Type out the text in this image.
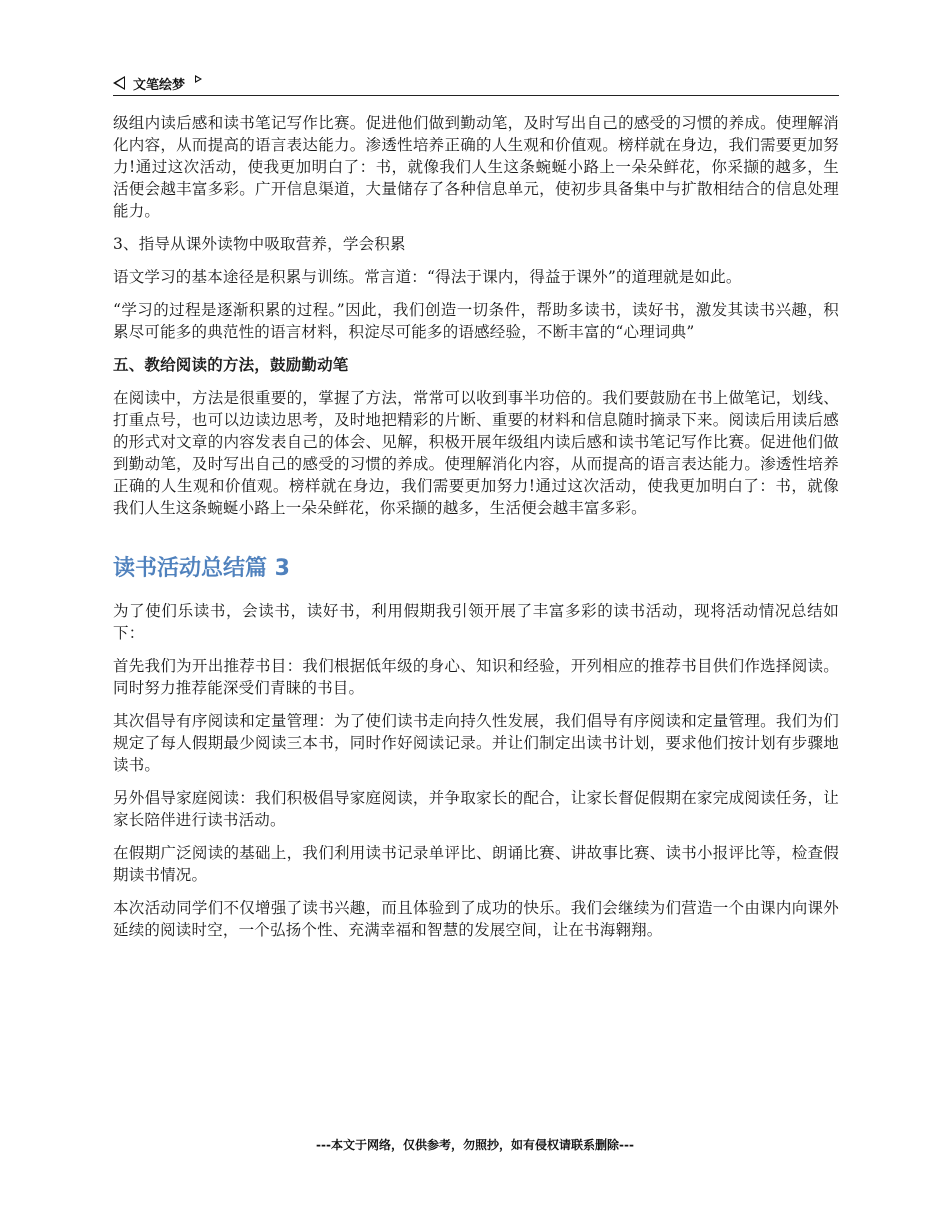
文笔绘梦

级组内读后感和读书笔记写作比赛。促进他们做到勤动笔，及时写出自己的感受的习惯的养成。使理解消化内容，从而提高的语言表达能力。渗透性培养正确的人生观和价值观。榜样就在身边，我们需要更加努力!通过这次活动，使我更加明白了：书，就像我们人生这条蜿蜒小路上一朵朵鲜花，你采撷的越多，生活便会越丰富多彩。广开信息渠道，大量储存了各种信息单元，使初步具备集中与扩散相结合的信息处理能力。

3、指导从课外读物中吸取营养，学会积累

语文学习的基本途径是积累与训练。常言道：“得法于课内，得益于课外”的道理就是如此。

“学习的过程是逐渐积累的过程。”因此，我们创造一切条件，帮助多读书，读好书，激发其读书兴趣，积累尽可能多的典范性的语言材料，积淀尽可能多的语感经验，不断丰富的“心理词典”

五、教给阅读的方法，鼓励勤动笔

在阅读中，方法是很重要的，掌握了方法，常常可以收到事半功倍的。我们要鼓励在书上做笔记，划线、打重点号，也可以边读边思考，及时地把精彩的片断、重要的材料和信息随时摘录下来。阅读后用读后感的形式对文章的内容发表自己的体会、见解，积极开展年级组内读后感和读书笔记写作比赛。促进他们做到勤动笔，及时写出自己的感受的习惯的养成。使理解消化内容，从而提高的语言表达能力。渗透性培养正确的人生观和价值观。榜样就在身边，我们需要更加努力!通过这次活动，使我更加明白了：书，就像我们人生这条蜿蜒小路上一朵朵鲜花，你采撷的越多，生活便会越丰富多彩。

读书活动总结篇 3

为了使们乐读书，会读书，读好书，利用假期我引领开展了丰富多彩的读书活动，现将活动情况总结如下：

首先我们为开出推荐书目：我们根据低年级的身心、知识和经验，开列相应的推荐书目供们作选择阅读。同时努力推荐能深受们青睐的书目。

其次倡导有序阅读和定量管理：为了使们读书走向持久性发展，我们倡导有序阅读和定量管理。我们为们规定了每人假期最少阅读三本书，同时作好阅读记录。并让们制定出读书计划，要求他们按计划有步骤地读书。

另外倡导家庭阅读：我们积极倡导家庭阅读，并争取家长的配合，让家长督促假期在家完成阅读任务，让家长陪伴进行读书活动。

在假期广泛阅读的基础上，我们利用读书记录单评比、朗诵比赛、讲故事比赛、读书小报评比等，检查假期读书情况。

本次活动同学们不仅增强了读书兴趣，而且体验到了成功的快乐。我们会继续为们营造一个由课内向课外延续的阅读时空，一个弘扬个性、充满幸福和智慧的发展空间，让在书海翱翔。

---本文于网络，仅供参考，勿照抄，如有侵权请联系删除---
